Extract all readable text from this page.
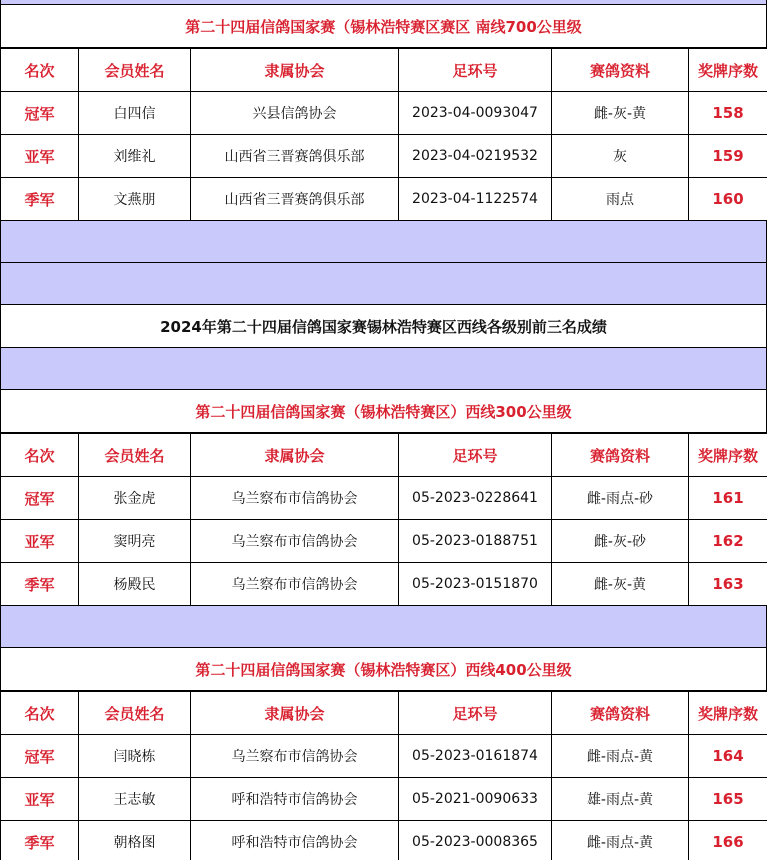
第二十四届信鸽国家赛（锡林浩特赛区赛区 南线700公里级
名次	会员姓名	隶属协会	足环号	赛鸽资料	奖牌序数
冠军	白四信	兴县信鸽协会	2023-04-0093047	雌-灰-黄	158
亚军	刘维礼	山西省三晋赛鸽俱乐部	2023-04-0219532	灰	159
季军	文燕朋	山西省三晋赛鸽俱乐部	2023-04-1122574	雨点	160
2024年第二十四届信鸽国家赛锡林浩特赛区西线各级别前三名成绩
第二十四届信鸽国家赛（锡林浩特赛区）西线300公里级
名次	会员姓名	隶属协会	足环号	赛鸽资料	奖牌序数
冠军	张金虎	乌兰察布市信鸽协会	05-2023-0228641	雌-雨点-砂	161
亚军	窦明亮	乌兰察布市信鸽协会	05-2023-0188751	雌-灰-砂	162
季军	杨殿民	乌兰察布市信鸽协会	05-2023-0151870	雌-灰-黄	163
第二十四届信鸽国家赛（锡林浩特赛区）西线400公里级
名次	会员姓名	隶属协会	足环号	赛鸽资料	奖牌序数
冠军	闫晓栋	乌兰察布市信鸽协会	05-2023-0161874	雌-雨点-黄	164
亚军	王志敏	呼和浩特市信鸽协会	05-2021-0090633	雄-雨点-黄	165
季军	朝格图	呼和浩特市信鸽协会	05-2023-0008365	雌-雨点-黄	166
